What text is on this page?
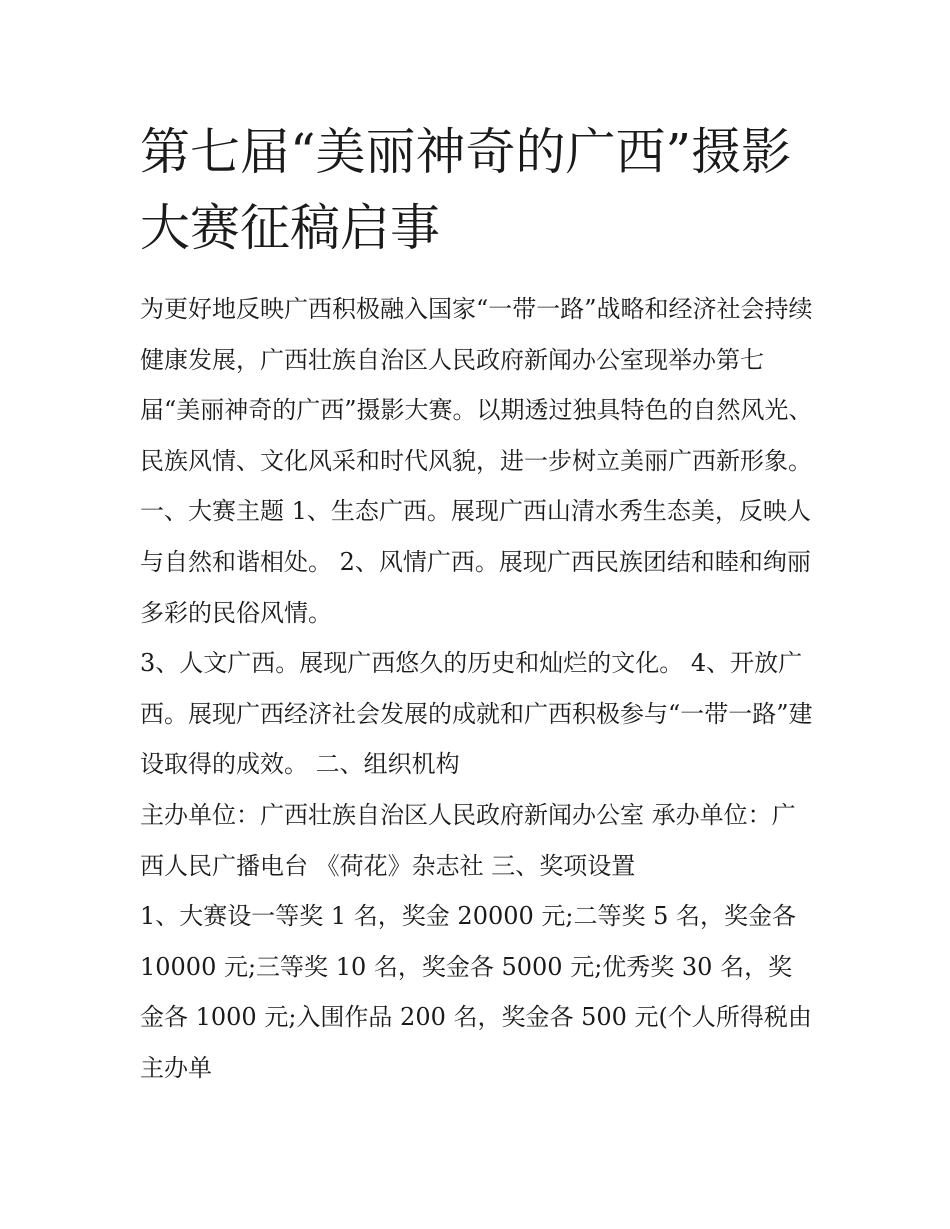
第七届“美丽神奇的广西”摄影大赛征稿启事

为更好地反映广西积极融入国家“一带一路”战略和经济社会持续健康发展，广西壮族自治区人民政府新闻办公室现举办第七届“美丽神奇的广西”摄影大赛。以期透过独具特色的自然风光、民族风情、文化风采和时代风貌，进一步树立美丽广西新形象。

一、大赛主题 1、生态广西。展现广西山清水秀生态美，反映人与自然和谐相处。 2、风情广西。展现广西民族团结和睦和绚丽多彩的民俗风情。

3、人文广西。展现广西悠久的历史和灿烂的文化。 4、开放广西。展现广西经济社会发展的成就和广西积极参与“一带一路”建设取得的成效。 二、组织机构

主办单位：广西壮族自治区人民政府新闻办公室 承办单位：广西人民广播电台 《荷花》杂志社 三、奖项设置

1、大赛设一等奖 1 名，奖金 20000 元;二等奖 5 名，奖金各 10000 元;三等奖 10 名，奖金各 5000 元;优秀奖 30 名，奖金各 1000 元;入围作品 200 名，奖金各 500 元(个人所得税由主办单
